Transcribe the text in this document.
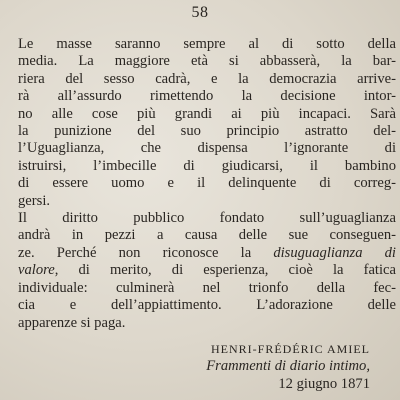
58
Le masse saranno sempre al di sotto della
media. La maggiore età si abbasserà, la bar-
riera del sesso cadrà, e la democrazia arrive-
rà all’assurdo rimettendo la decisione intor-
no alle cose più grandi ai più incapaci. Sarà
la punizione del suo principio astratto del-
l’Uguaglianza, che dispensa l’ignorante di
istruirsi, l’imbecille di giudicarsi, il bambino
di essere uomo e il delinquente di correg-
gersi.
Il diritto pubblico fondato sull’uguaglianza
andrà in pezzi a causa delle sue conseguen-
ze. Perché non riconosce la disuguaglianza di
valore, di merito, di esperienza, cioè la fatica
individuale: culminerà nel trionfo della fec-
cia e dell’appiattimento. L’adorazione delle
apparenze si paga.
HENRI-FRÉDÉRIC AMIEL
Frammenti di diario intimo,
12 giugno 1871
